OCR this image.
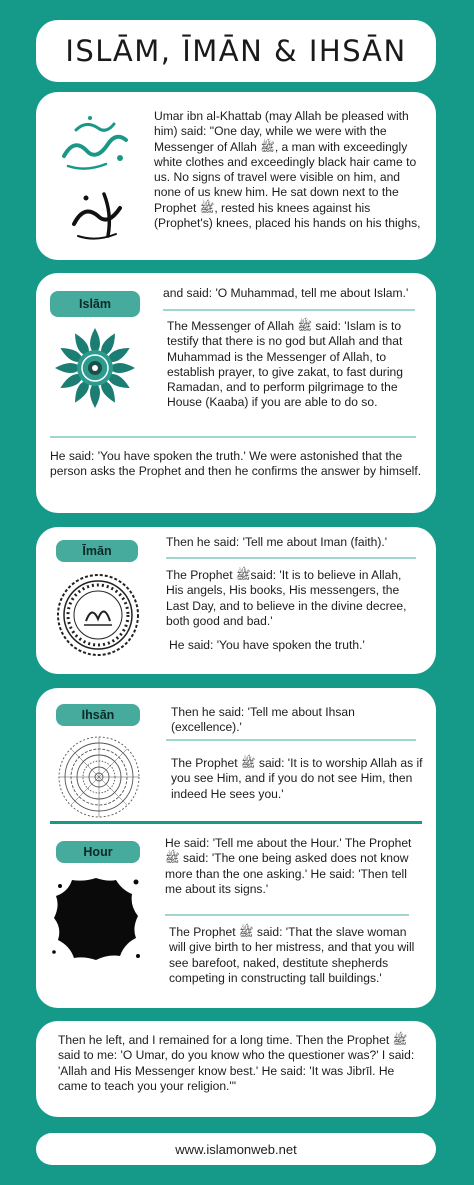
ISLĀM, ĪMĀN & IHSĀN
Umar ibn al-Khattab (may Allah be pleased with him) said: "One day, while we were with the Messenger of Allah ﷺ, a man with exceedingly white clothes and exceedingly black hair came to us. No signs of travel were visible on him, and none of us knew him. He sat down next to the Prophet ﷺ, rested his knees against his (Prophet's) knees, placed his hands on his thighs,
Islām
and said: 'O Muhammad, tell me about Islam.'
The Messenger of Allah ﷺ said: 'Islam is to testify that there is no god but Allah and that Muhammad is the Messenger of Allah, to establish prayer, to give zakat, to fast during Ramadan, and to perform pilgrimage to the House (Kaaba) if you are able to do so.
He said: 'You have spoken the truth.' We were astonished that the person asks the Prophet and then he confirms the answer by himself.
Īmān
Then he said: 'Tell me about Iman (faith).'
The Prophet ﷺsaid: 'It is to believe in Allah, His angels, His books, His messengers, the Last Day, and to believe in the divine decree, both good and bad.'
He said: 'You have spoken the truth.'
Ihsān	Then he said: 'Tell me about Ihsan (excellence).'
The Prophet ﷺ said: 'It is to worship Allah as if you see Him, and if you do not see Him, then indeed He sees you.'
Hour
He said: 'Tell me about the Hour.' The Prophet ﷺ said: 'The one being asked does not know more than the one asking.' He said: 'Then tell me about its signs.'
The Prophet ﷺ said: 'That the slave woman will give birth to her mistress, and that you will see barefoot, naked, destitute shepherds competing in constructing tall buildings.'
Then he left, and I remained for a long time. Then the Prophet ﷺ said to me: 'O Umar, do you know who the questioner was?' I said: 'Allah and His Messenger know best.' He said: 'It was Jibrīl. He came to teach you your religion.'"
www.islamonweb.net
